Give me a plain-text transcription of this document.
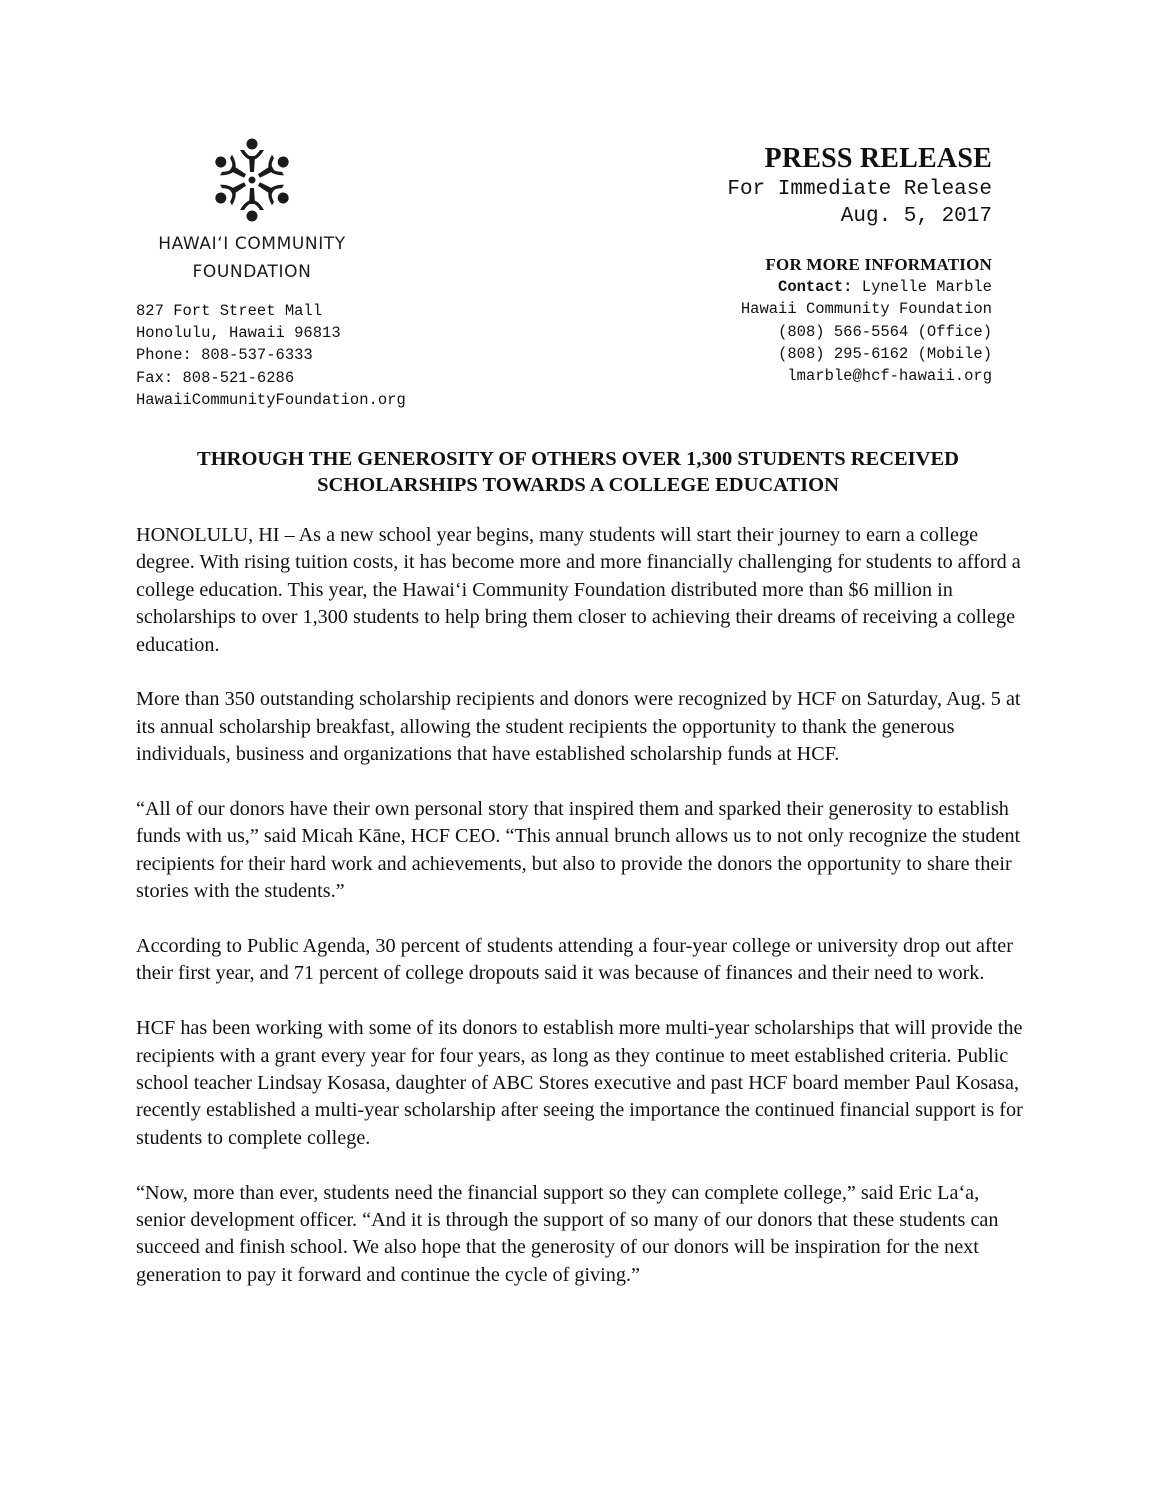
HAWAIʻI COMMUNITY
FOUNDATION
827 Fort Street Mall
Honolulu, Hawaii 96813
Phone: 808-537-6333
Fax: 808-521-6286
HawaiiCommunityFoundation.org
PRESS RELEASE
For Immediate Release
Aug. 5, 2017
FOR MORE INFORMATION
Contact: Lynelle Marble
Hawaii Community Foundation
(808) 566-5564 (Office)
(808) 295-6162 (Mobile)
lmarble@hcf-hawaii.org
THROUGH THE GENEROSITY OF OTHERS OVER 1,300 STUDENTS RECEIVED
SCHOLARSHIPS TOWARDS A COLLEGE EDUCATION

HONOLULU, HI – As a new school year begins, many students will start their journey to earn a college degree. With rising tuition costs, it has become more and more financially challenging for students to afford a college education. This year, the Hawaiʻi Community Foundation distributed more than $6 million in scholarships to over 1,300 students to help bring them closer to achieving their dreams of receiving a college education.

More than 350 outstanding scholarship recipients and donors were recognized by HCF on Saturday, Aug. 5 at its annual scholarship breakfast, allowing the student recipients the opportunity to thank the generous individuals, business and organizations that have established scholarship funds at HCF.

“All of our donors have their own personal story that inspired them and sparked their generosity to establish funds with us,” said Micah Kāne, HCF CEO. “This annual brunch allows us to not only recognize the student recipients for their hard work and achievements, but also to provide the donors the opportunity to share their stories with the students.”

According to Public Agenda, 30 percent of students attending a four-year college or university drop out after their first year, and 71 percent of college dropouts said it was because of finances and their need to work.

HCF has been working with some of its donors to establish more multi-year scholarships that will provide the recipients with a grant every year for four years, as long as they continue to meet established criteria. Public school teacher Lindsay Kosasa, daughter of ABC Stores executive and past HCF board member Paul Kosasa, recently established a multi-year scholarship after seeing the importance the continued financial support is for students to complete college.

“Now, more than ever, students need the financial support so they can complete college,” said Eric Laʻa, senior development officer. “And it is through the support of so many of our donors that these students can succeed and finish school. We also hope that the generosity of our donors will be inspiration for the next generation to pay it forward and continue the cycle of giving.”
